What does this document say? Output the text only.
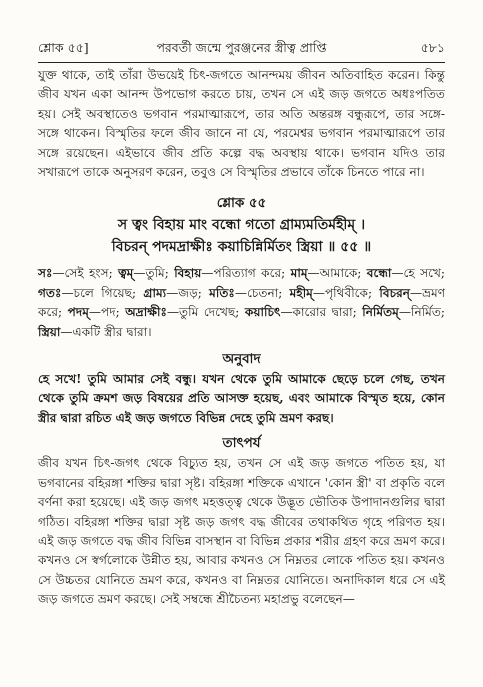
শ্লোক ৫৫]	পরবর্তী জন্মে পুরঞ্জনের স্ত্রীত্ব প্রাপ্তি	৫৮১

যুক্ত থাকে, তাই তাঁরা উভয়েই চিৎ-জগতে আনন্দময় জীবন অতিবাহিত করেন। কিন্তু জীব যখন একা আনন্দ উপভোগ করতে চায়, তখন সে এই জড় জগতে অধঃপতিত হয়। সেই অবস্থাতেও ভগবান পরমাত্মারূপে, তার অতি অন্তরঙ্গ বন্ধুরূপে, তার সঙ্গে-সঙ্গে থাকেন। বিস্মৃতির ফলে জীব জানে না যে, পরমেশ্বর ভগবান পরমাত্মারূপে তার সঙ্গে রয়েছেন। এইভাবে জীব প্রতি কল্পে বদ্ধ অবস্থায় থাকে। ভগবান যদিও তার সখারূপে তাকে অনুসরণ করেন, তবুও সে বিস্মৃতির প্রভাবে তাঁকে চিনতে পারে না।

শ্লোক ৫৫

স ত্বং বিহায় মাং বন্ধো গতো গ্রাম্যমতির্মহীম্ ।

বিচরন্ পদমদ্রাক্ষীঃ কয়াচিন্নির্মিতং স্ত্রিয়া ॥ ৫৫ ॥

সঃ—সেই হংস; ত্বম্—তুমি; বিহায়—পরিত্যাগ করে; মাম্—আমাকে; বন্ধো—হে সখে; গতঃ—চলে গিয়েছ; গ্রাম্য—জড়; মতিঃ—চেতনা; মহীম্—পৃথিবীকে; বিচরন্—ভ্রমণ করে; পদম্—পদ; অদ্রাক্ষীঃ—তুমি দেখেছ; কয়াচিৎ—কারোর দ্বারা; নির্মিতম্—নির্মিত; স্ত্রিয়া—একটি স্ত্রীর দ্বারা।

অনুবাদ

হে সখে! তুমি আমার সেই বন্ধু। যখন থেকে তুমি আমাকে ছেড়ে চলে গেছ, তখন থেকে তুমি ক্রমশ জড় বিষয়ের প্রতি আসক্ত হয়েছ, এবং আমাকে বিস্মৃত হয়ে, কোন স্ত্রীর দ্বারা রচিত এই জড় জগতে বিভিন্ন দেহে তুমি ভ্রমণ করছ।

তাৎপর্য

জীব যখন চিৎ-জগৎ থেকে বিচ্যুত হয়, তখন সে এই জড় জগতে পতিত হয়, যা ভগবানের বহিরঙ্গা শক্তির দ্বারা সৃষ্ট। বহিরঙ্গা শক্তিকে এখানে 'কোন স্ত্রী' বা প্রকৃতি বলে বর্ণনা করা হয়েছে। এই জড় জগৎ মহত্তত্ত্ব থেকে উদ্ভূত ভৌতিক উপাদানগুলির দ্বারা গঠিত। বহিরঙ্গা শক্তির দ্বারা সৃষ্ট জড় জগৎ বদ্ধ জীবের তথাকথিত গৃহে পরিণত হয়। এই জড় জগতে বদ্ধ জীব বিভিন্ন বাসস্থান বা বিভিন্ন প্রকার শরীর গ্রহণ করে ভ্রমণ করে। কখনও সে স্বর্গলোকে উন্নীত হয়, আবার কখনও সে নিম্নতর লোকে পতিত হয়। কখনও সে উচ্চতর যোনিতে ভ্রমণ করে, কখনও বা নিম্নতর যোনিতে। অনাদিকাল ধরে সে এই জড় জগতে ভ্রমণ করছে। সেই সম্বন্ধে শ্রীচৈতন্য মহাপ্রভু বলেছেন—
